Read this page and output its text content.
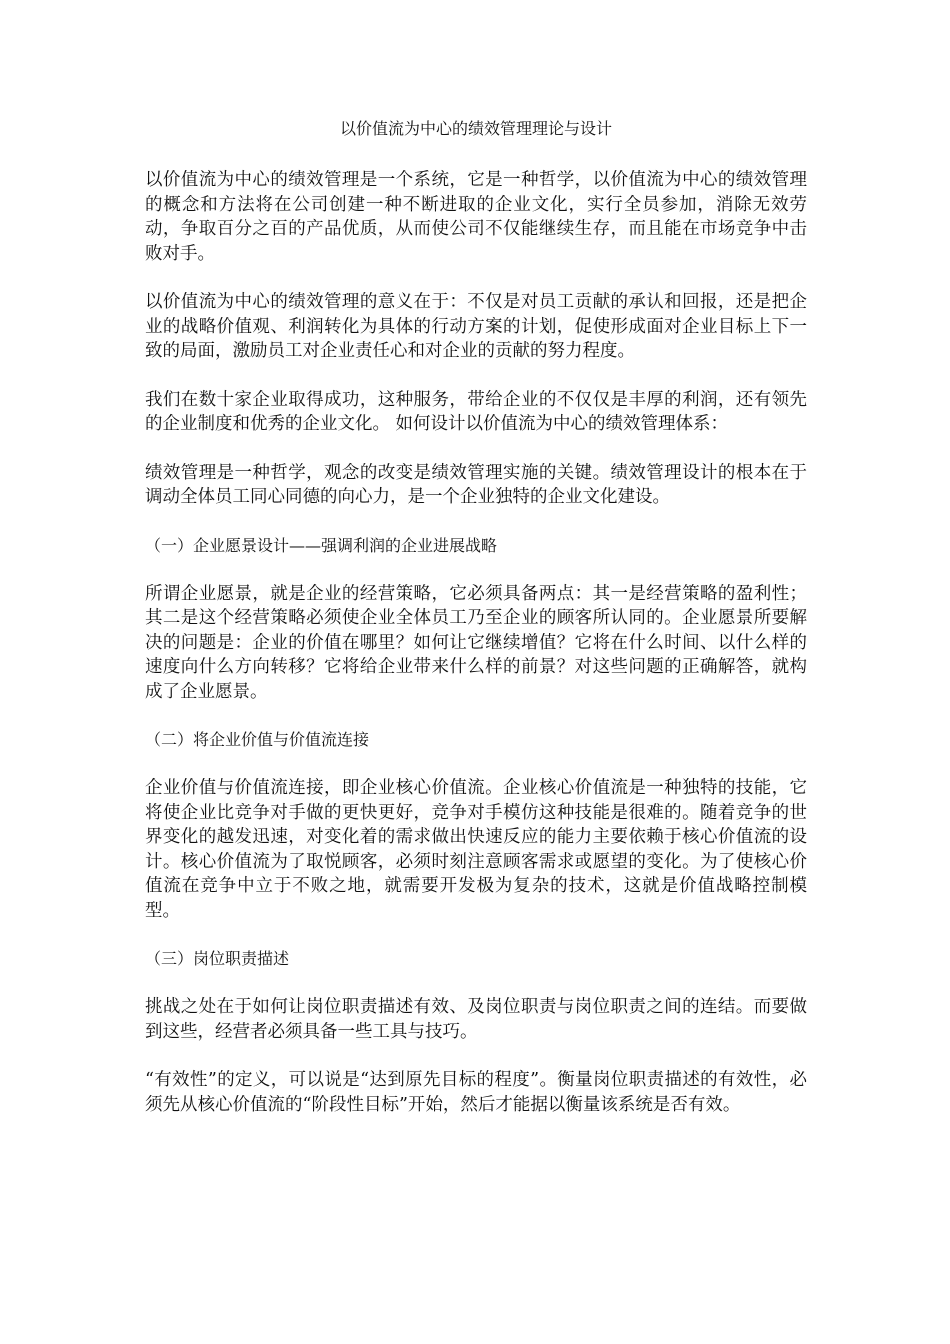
以价值流为中心的绩效管理理论与设计

以价值流为中心的绩效管理是一个系统，它是一种哲学，以价值流为中心的绩效管理的概念和方法将在公司创建一种不断进取的企业文化，实行全员参加，消除无效劳动，争取百分之百的产品优质，从而使公司不仅能继续生存，而且能在市场竞争中击败对手。

以价值流为中心的绩效管理的意义在于：不仅是对员工贡献的承认和回报，还是把企业的战略价值观、利润转化为具体的行动方案的计划，促使形成面对企业目标上下一致的局面，激励员工对企业责任心和对企业的贡献的努力程度。

我们在数十家企业取得成功，这种服务，带给企业的不仅仅是丰厚的利润，还有领先的企业制度和优秀的企业文化。 如何设计以价值流为中心的绩效管理体系：

绩效管理是一种哲学，观念的改变是绩效管理实施的关键。绩效管理设计的根本在于调动全体员工同心同德的向心力，是一个企业独特的企业文化建设。

（一）企业愿景设计——强调利润的企业进展战略

所谓企业愿景，就是企业的经营策略，它必须具备两点：其一是经营策略的盈利性；其二是这个经营策略必须使企业全体员工乃至企业的顾客所认同的。企业愿景所要解决的问题是：企业的价值在哪里？如何让它继续增值？它将在什么时间、以什么样的速度向什么方向转移？它将给企业带来什么样的前景？对这些问题的正确解答，就构成了企业愿景。

（二）将企业价值与价值流连接

企业价值与价值流连接，即企业核心价值流。企业核心价值流是一种独特的技能，它将使企业比竞争对手做的更快更好，竞争对手模仿这种技能是很难的。随着竞争的世界变化的越发迅速，对变化着的需求做出快速反应的能力主要依赖于核心价值流的设计。核心价值流为了取悦顾客，必须时刻注意顾客需求或愿望的变化。为了使核心价值流在竞争中立于不败之地，就需要开发极为复杂的技术，这就是价值战略控制模型。

（三）岗位职责描述

挑战之处在于如何让岗位职责描述有效、及岗位职责与岗位职责之间的连结。而要做到这些，经营者必须具备一些工具与技巧。

“有效性”的定义，可以说是“达到原先目标的程度”。衡量岗位职责描述的有效性，必须先从核心价值流的“阶段性目标”开始，然后才能据以衡量该系统是否有效。
